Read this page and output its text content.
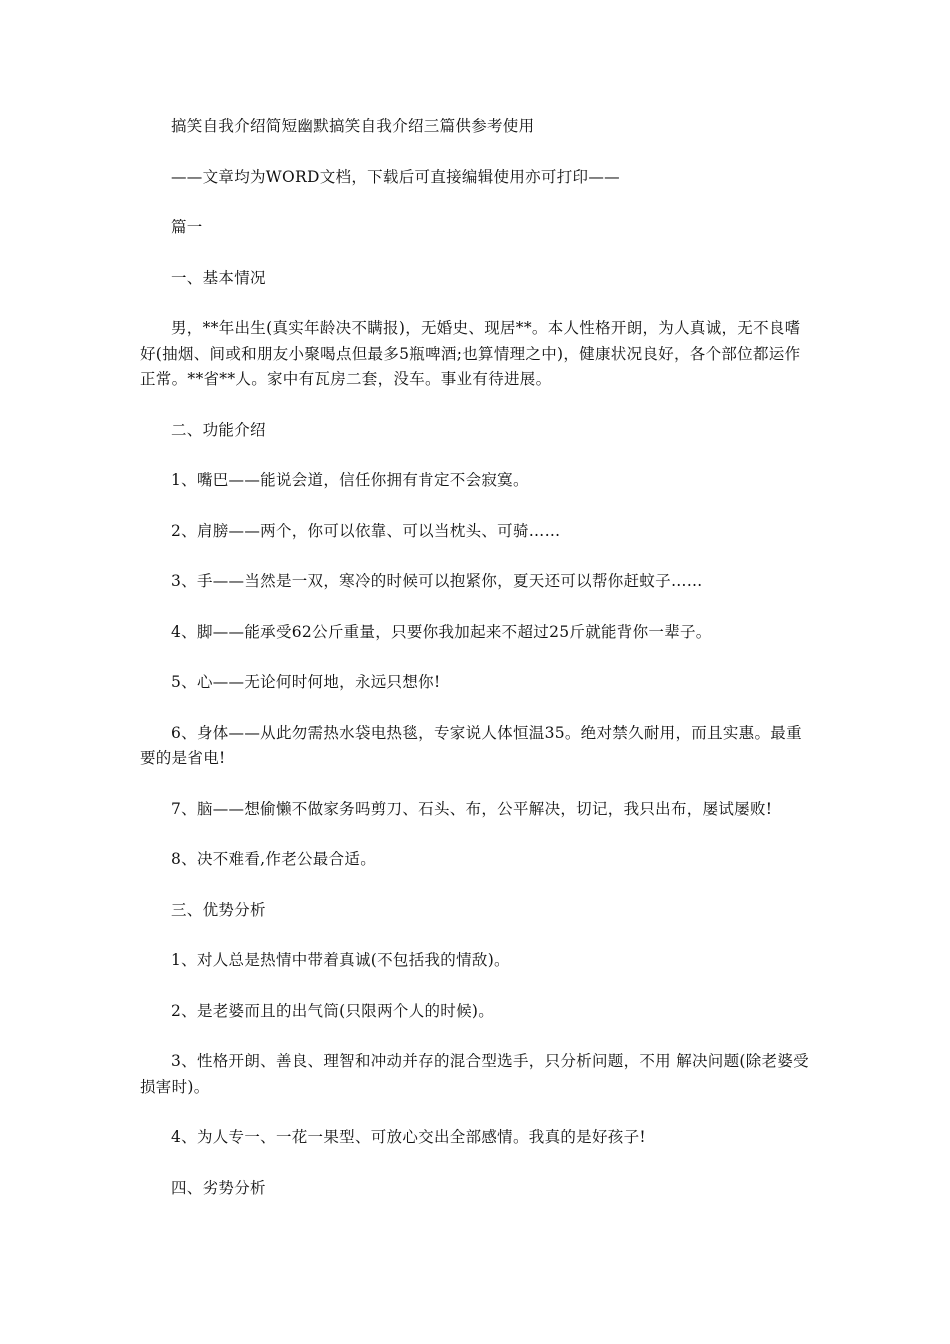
搞笑自我介绍简短幽默搞笑自我介绍三篇供参考使用

——文章均为WORD文档，下载后可直接编辑使用亦可打印——

篇一

一、基本情况

男，**年出生(真实年龄决不瞒报)，无婚史、现居**。本人性格开朗，为人真诚，无不良嗜好(抽烟、间或和朋友小聚喝点但最多5瓶啤酒;也算情理之中)，健康状况良好，各个部位都运作正常。**省**人。家中有瓦房二套，没车。事业有待进展。

二、功能介绍

1、嘴巴——能说会道，信任你拥有肯定不会寂寞。

2、肩膀——两个，你可以依靠、可以当枕头、可骑……

3、手——当然是一双，寒冷的时候可以抱紧你，夏天还可以帮你赶蚊子……

4、脚——能承受62公斤重量，只要你我加起来不超过25斤就能背你一辈子。

5、心——无论何时何地，永远只想你!

6、身体——从此勿需热水袋电热毯，专家说人体恒温35。绝对禁久耐用，而且实惠。最重要的是省电!

7、脑——想偷懒不做家务吗剪刀、石头、布，公平解决，切记，我只出布，屡试屡败!

8、决不难看,作老公最合适。

三、优势分析

1、对人总是热情中带着真诚(不包括我的情敌)。

2、是老婆而且的出气筒(只限两个人的时候)。

3、性格开朗、善良、理智和冲动并存的混合型选手，只分析问题，不用 解决问题(除老婆受损害时)。

4、为人专一、一花一果型、可放心交出全部感情。我真的是好孩子!

四、劣势分析
